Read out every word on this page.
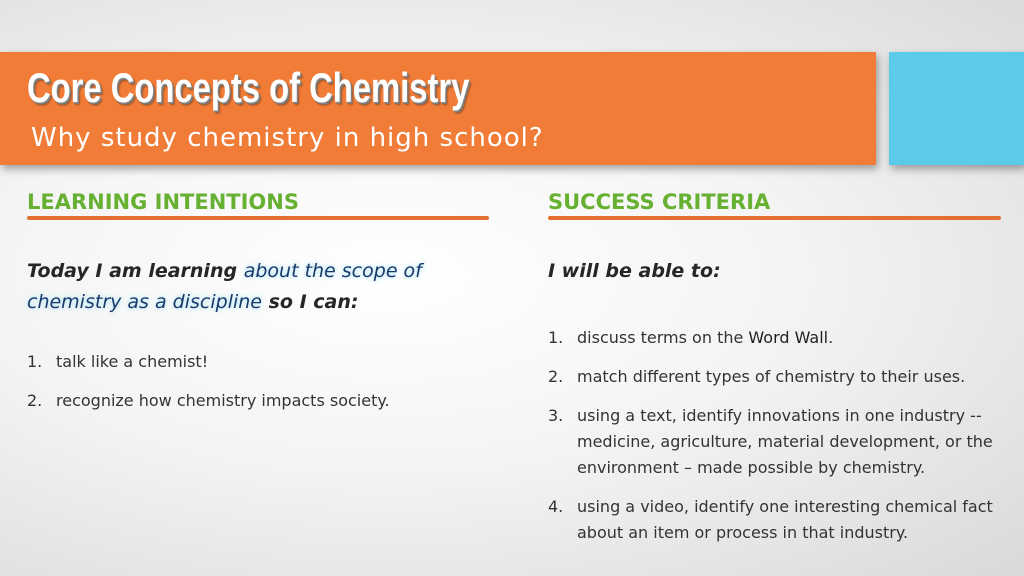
Core Concepts of Chemistry

Why study chemistry in high school?

LEARNING INTENTIONS

Today I am learning about the scope of chemistry as a discipline so I can:

1. talk like a chemist!
2. recognize how chemistry impacts society.
SUCCESS CRITERIA

I will be able to:

1. discuss terms on the Word Wall.
2. match different types of chemistry to their uses.
3. using a text, identify innovations in one industry -- medicine, agriculture, material development, or the environment – made possible by chemistry.
4. using a video, identify one interesting chemical fact about an item or process in that industry.
